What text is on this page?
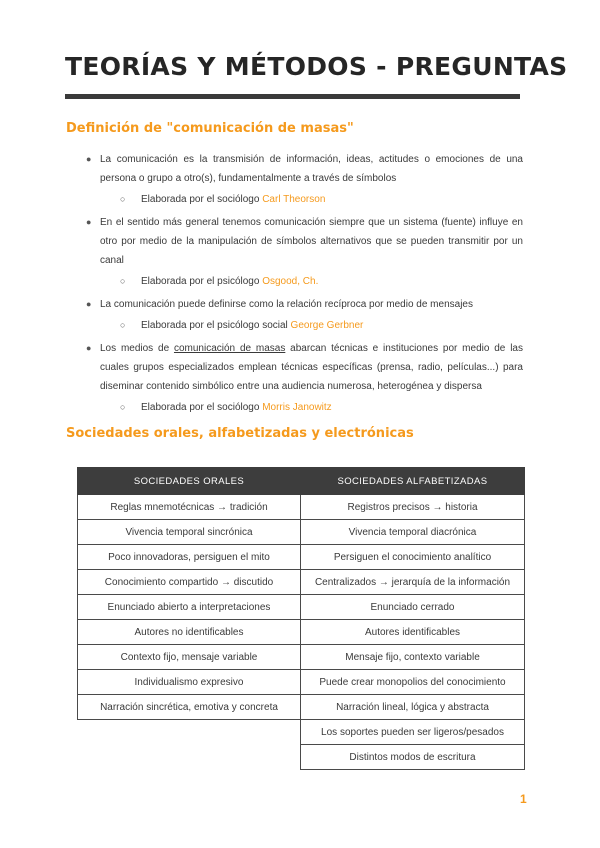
TEORÍAS Y MÉTODOS - PREGUNTAS
Definición de "comunicación de masas"
● La comunicación es la transmisión de información, ideas, actitudes o emociones de una persona o grupo a otro(s), fundamentalmente a través de símbolos
○ Elaborada por el sociólogo Carl Theorson
● En el sentido más general tenemos comunicación siempre que un sistema (fuente) influye en otro por medio de la manipulación de símbolos alternativos que se pueden transmitir por un canal
○ Elaborada por el psicólogo Osgood, Ch.
● La comunicación puede definirse como la relación recíproca por medio de mensajes
○ Elaborada por el psicólogo social George Gerbner
● Los medios de comunicación de masas abarcan técnicas e instituciones por medio de las cuales grupos especializados emplean técnicas específicas (prensa, radio, películas...) para diseminar contenido simbólico entre una audiencia numerosa, heterogénea y dispersa
○ Elaborada por el sociólogo Morris Janowitz
Sociedades orales, alfabetizadas y electrónicas
SOCIEDADES ORALES	SOCIEDADES ALFABETIZADAS
Reglas mnemotécnicas → tradición	Registros precisos → historia
Vivencia temporal sincrónica	Vivencia temporal diacrónica
Poco innovadoras, persiguen el mito	Persiguen el conocimiento analítico
Conocimiento compartido → discutido	Centralizados → jerarquía de la información
Enunciado abierto a interpretaciones	Enunciado cerrado
Autores no identificables	Autores identificables
Contexto fijo, mensaje variable	Mensaje fijo, contexto variable
Individualismo expresivo	Puede crear monopolios del conocimiento
Narración sincrética, emotiva y concreta	Narración lineal, lógica y abstracta
	Los soportes pueden ser ligeros/pesados
	Distintos modos de escritura
1
